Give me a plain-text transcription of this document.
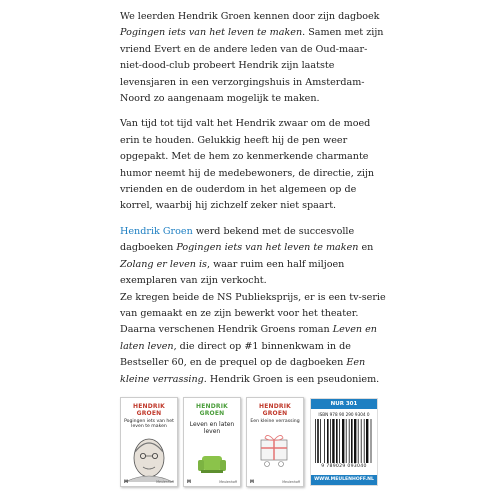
We leerden Hendrik Groen kennen door zijn dagboek Pogingen iets van het leven te maken. Samen met zijn vriend Evert en de andere leden van de Oud-maar-niet-dood-club probeert Hendrik zijn laatste levensjaren in een verzorgingshuis in Amsterdam-Noord zo aangenaam mogelijk te maken.

Van tijd tot tijd valt het Hendrik zwaar om de moed erin te houden. Gelukkig heeft hij de pen weer opgepakt. Met de hem zo kenmerkende charmante humor neemt hij de medebewoners, de directie, zijn vrienden en de ouderdom in het algemeen op de korrel, waarbij hij zichzelf zeker niet spaart.

Hendrik Groen werd bekend met de succesvolle dagboeken Pogingen iets van het leven te maken en Zolang er leven is, waar ruim een half miljoen exemplaren van zijn verkocht.

Ze kregen beide de NS Publieksprijs, er is een tv-serie van gemaakt en ze zijn bewerkt voor het theater. Daarna verschenen Hendrik Groens roman Leven en laten leven, die direct op #1 binnenkwam in de Bestseller 60, en de prequel op de dagboeken Een kleine verrassing. Hendrik Groen is een pseudoniem.

HENDRIK GROEN
Pogingen iets van het leven te maken
M	Meulenhoff
HENDRIK GROEN
Leven en laten leven
M	Meulenhoff
HENDRIK GROEN
Een kleine verrassing
M	Meulenhoff
NUR 301
ISBN 978 90 290 9304 0
9 789029 093040
WWW.MEULENHOFF.NL
